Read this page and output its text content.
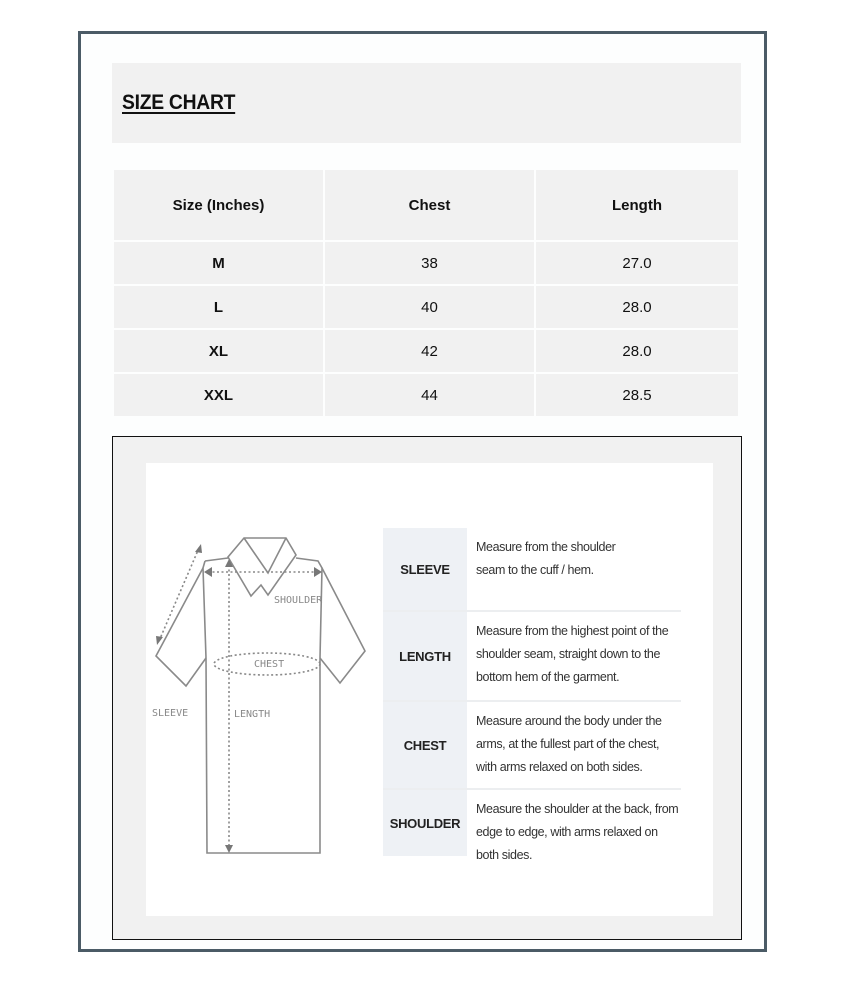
SIZE CHART
Size (Inches)	Chest	Length
M	38	27.0
L	40	28.0
XL	42	28.0
XXL	44	28.5
SHOULDER
CHEST
SLEEVE	LENGTH
SLEEVE
Measure from the shoulder seam to the cuff / hem.
LENGTH
Measure from the highest point of the shoulder seam, straight down to the bottom hem of the garment.
CHEST
Measure around the body under the arms, at the fullest part of the chest, with arms relaxed on both sides.
SHOULDER
Measure the shoulder at the back, from edge to edge, with arms relaxed on both sides.
